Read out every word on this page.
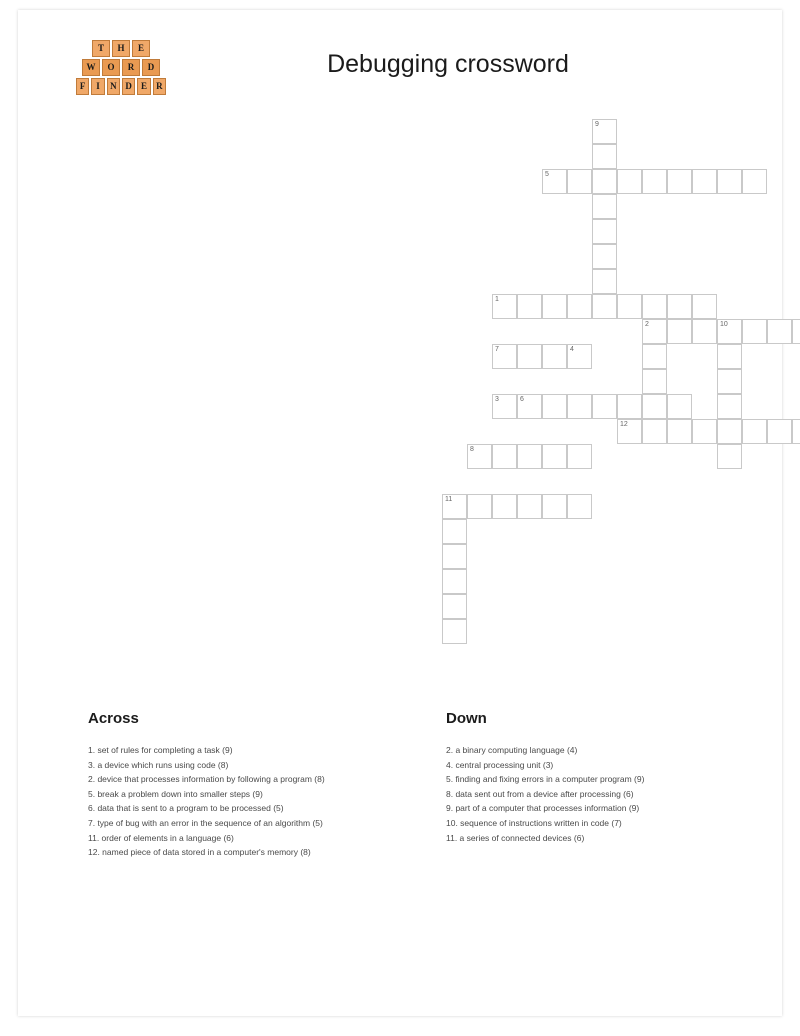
T	H	E
W	O	R	D
F	I	N D	E	R
Debugging crossword
9
5
1
2	10
7	4
3	6
12
8
11
Across
1. set of rules for completing a task (9)
3. a device which runs using code (8)
2. device that processes information by following a program (8)
5. break a problem down into smaller steps (9)
6. data that is sent to a program to be processed (5)
7. type of bug with an error in the sequence of an algorithm (5)
11. order of elements in a language (6)
12. named piece of data stored in a computer's memory (8)
Down
2. a binary computing language (4)
4. central processing unit (3)
5. finding and fixing errors in a computer program (9)
8. data sent out from a device after processing (6)
9. part of a computer that processes information (9)
10. sequence of instructions written in code (7)
11. a series of connected devices (6)
